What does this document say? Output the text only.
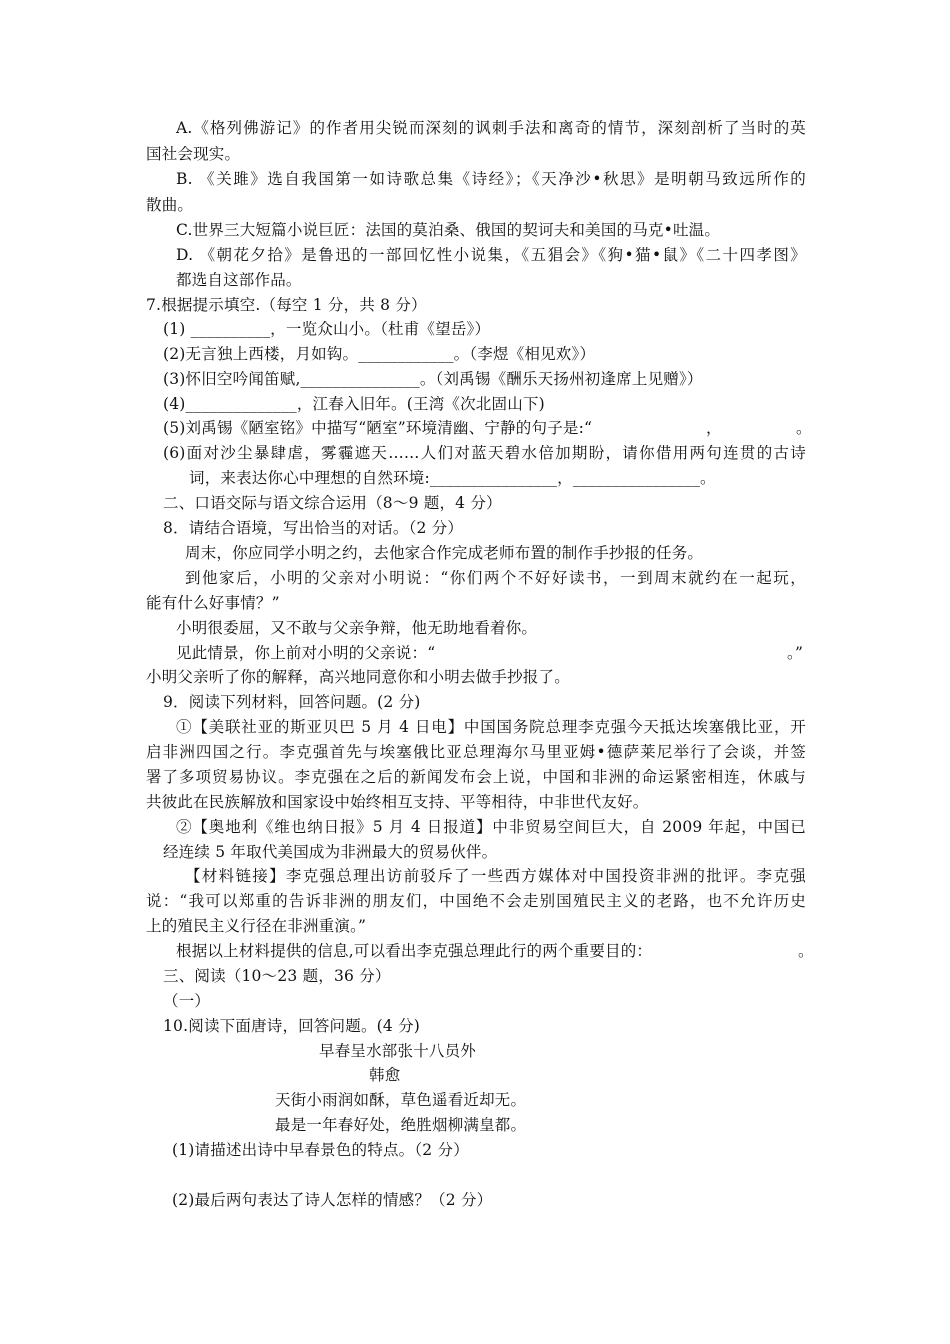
A.《格列佛游记》的作者用尖锐而深刻的讽刺手法和离奇的情节，深刻剖析了当时的英
国社会现实。
B. 《关雎》选自我国第一如诗歌总集《诗经》；《天净沙•秋思》是明朝马致远所作的
散曲。
C.世界三大短篇小说巨匠：法国的莫泊桑、俄国的契诃夫和美国的马克•吐温。
D. 《朝花夕拾》是鲁迅的一部回忆性小说集，《五猖会》《狗•猫•鼠》《二十四孝图》
都选自这部作品。
7.根据提示填空.（每空 1 分，共 8 分）
(1) __________，一览众山小。（杜甫《望岳》）
(2)无言独上西楼，月如钩。____________。（李煜《相见欢》）
(3)怀旧空吟闻笛赋,_______________。（刘禹锡《酬乐天扬州初逢席上见赠》）
(4)______________，江春入旧年。(王湾《次北固山下)
(5)刘禹锡《陋室铭》中描写“陋室”环境清幽、宁静的句子是:“	，	。
(6)面对沙尘暴肆虐，雾霾遮天……人们对蓝天碧水倍加期盼，请你借用两句连贯的古诗
词，来表达你心中理想的自然环境:________________，________________。
二、口语交际与语文综合运用（8～9 题，4 分）
8．请结合语境，写出恰当的对话。（2 分）
周末，你应同学小明之约，去他家合作完成老师布置的制作手抄报的任务。
到他家后，小明的父亲对小明说：“你们两个不好好读书，一到周末就约在一起玩，
能有什么好事情？”
小明很委屈，又不敢与父亲争辩，他无助地看着你。
见此情景，你上前对小明的父亲说：“	。”
小明父亲听了你的解释，高兴地同意你和小明去做手抄报了。
9．阅读下列材料，回答问题。(2 分)
①【美联社亚的斯亚贝巴 5 月 4 日电】中国国务院总理李克强今天抵达埃塞俄比亚，开
启非洲四国之行。李克强首先与埃塞俄比亚总理海尔马里亚姆•德萨莱尼举行了会谈，并签
署了多项贸易协议。李克强在之后的新闻发布会上说，中国和非洲的命运紧密相连，休戚与
共彼此在民族解放和国家设中始终相互支持、平等相待，中非世代友好。
②【奥地利《维也纳日报》5 月 4 日报道】中非贸易空间巨大，自 2009 年起，中国已
经连续 5 年取代美国成为非洲最大的贸易伙伴。
【材料链接】李克强总理出访前驳斥了一些西方媒体对中国投资非洲的批评。李克强
说：“我可以郑重的告诉非洲的朋友们，中国绝不会走别国殖民主义的老路，也不允许历史
上的殖民主义行径在非洲重演。”
根据以上材料提供的信息,可以看出李克强总理此行的两个重要目的：	。
三、阅读（10～23 题，36 分）
（一）
10.阅读下面唐诗，回答问题。(4 分)
早春呈水部张十八员外
韩愈
天街小雨润如酥，草色遥看近却无。
最是一年春好处，绝胜烟柳满皇都。
(1)请描述出诗中早春景色的特点。（2 分）
(2)最后两句表达了诗人怎样的情感？（2 分）
